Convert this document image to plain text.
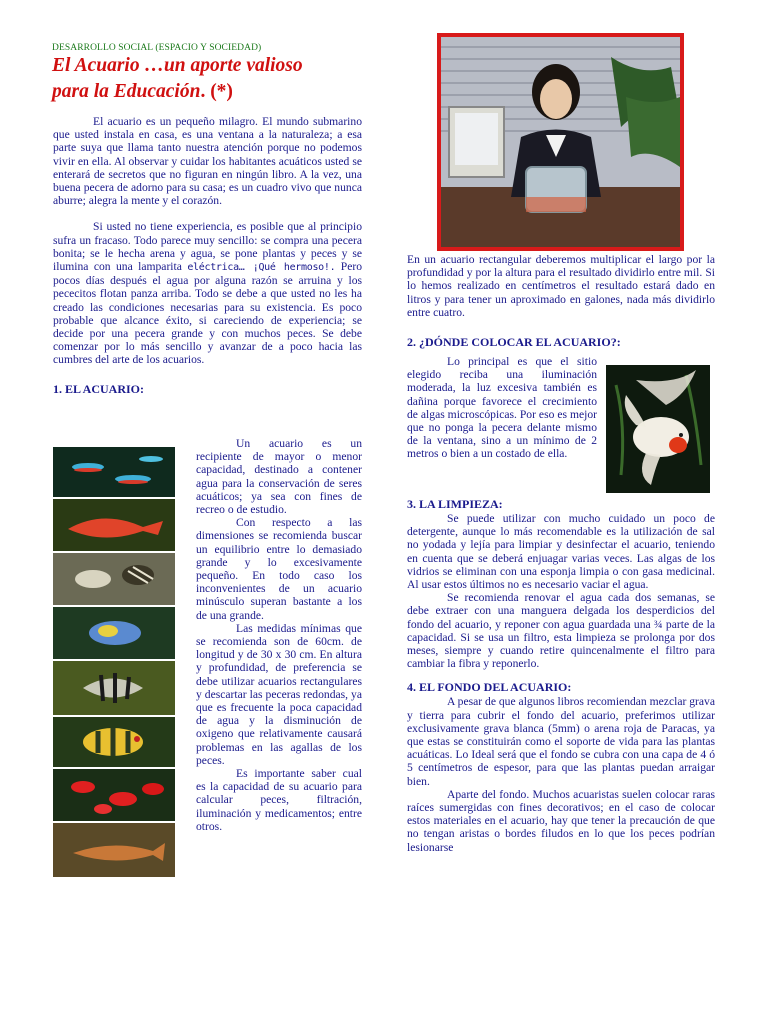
DESARROLLO SOCIAL (ESPACIO Y SOCIEDAD)
El Acuario …un aporte valioso
para la Educación. (*)

El acuario es un pequeño milagro. El mundo submarino que usted instala en casa, es una ventana a la naturaleza; a esa parte suya que llama tanto nuestra atención porque no podemos vivir en ella. Al observar y cuidar los habitantes acuáticos usted se enterará de secretos que no figuran en ningún libro. A la vez, una buena pecera de adorno para su casa; es un cuadro vivo que nunca aburre; alegra la mente y el corazón.

Si usted no tiene experiencia, es posible que al principio sufra un fracaso. Todo parece muy sencillo: se compra una pecera bonita; se le hecha arena y agua, se pone plantas y peces y se ilumina con una lamparita eléctrica… ¡Qué hermoso!. Pero pocos días después el agua por alguna razón se arruina y los pececitos flotan panza arriba. Todo se debe a que usted no les ha creado las condiciones necesarias para su existencia. Es poco probable que alcance éxito, si careciendo de experiencia; se decide por una pecera grande y con muchos peces. Se debe comenzar por lo más sencillo y avanzar de a poco hacia las cumbres del arte de los acuarios.

1. EL ACUARIO:

Un acuario es un recipiente de mayor o menor capacidad, destinado a contener agua para la conservación de seres acuáticos; ya sea con fines de recreo o de estudio.

Con respecto a las dimensiones se recomienda buscar un equilibrio entre lo demasiado grande y lo excesivamente pequeño. En todo caso los inconvenientes de un acuario minúsculo superan bastante a los de una grande.

Las medidas mínimas que se recomienda son de 60cm. de longitud y de 30 x 30 cm. En altura y profundidad, de preferencia se debe utilizar acuarios rectangulares y descartar las peceras redondas, ya que es frecuente la poca capacidad de agua y la disminución de oxigeno que relativamente causará problemas en las agallas de los peces.

Es importante saber cual es la capacidad de su acuario para calcular peces, filtración, iluminación y medicamentos; entre otros.

En un acuario rectangular deberemos multiplicar el largo por la profundidad y por la altura para el resultado dividirlo entre mil. Si lo hemos realizado en centímetros el resultado estará dado en litros y para tener un aproximado en galones, nada más dividirlo entre cuatro.

2. ¿DÓNDE COLOCAR EL ACUARIO?:

Lo principal es que el sitio elegido reciba una iluminación moderada, la luz excesiva también es dañina porque favorece el crecimiento de algas microscópicas. Por eso es mejor que no ponga la pecera delante mismo de la ventana, sino a un mínimo de 2 metros o bien a un costado de ella.

3. LA LIMPIEZA:

Se puede utilizar con mucho cuidado un poco de detergente, aunque lo más recomendable es la utilización de sal no yodada y lejía para limpiar y desinfectar el acuario, teniendo en cuenta que se deberá enjuagar varias veces. Las algas de los vidrios se eliminan con una esponja limpia o con gasa medicinal. Al usar estos últimos no es necesario vaciar el agua.

Se recomienda renovar el agua cada dos semanas, se debe extraer con una manguera delgada los desperdicios del fondo del acuario, y reponer con agua guardada una ¾ parte de la capacidad. Si se usa un filtro, esta limpieza se prolonga por dos meses, siempre y cuando retire quincenalmente el filtro para cambiar la fibra y reponerlo.

4. EL FONDO DEL ACUARIO:

A pesar de que algunos libros recomiendan mezclar grava y tierra para cubrir el fondo del acuario, preferimos utilizar exclusivamente grava blanca (5mm) o arena roja de Paracas, ya que estas se constituirán como el soporte de vida para las plantas acuáticas. Lo Ideal será que el fondo se cubra con una capa de 4 ó 5 centímetros de espesor, para que las plantas puedan arraigar bien.

Aparte del fondo. Muchos acuaristas suelen colocar raras raíces sumergidas con fines decorativos; en el caso de colocar estos materiales en el acuario, hay que tener la precaución de que no tengan aristas o bordes filudos en lo que los peces podrían lesionarse
